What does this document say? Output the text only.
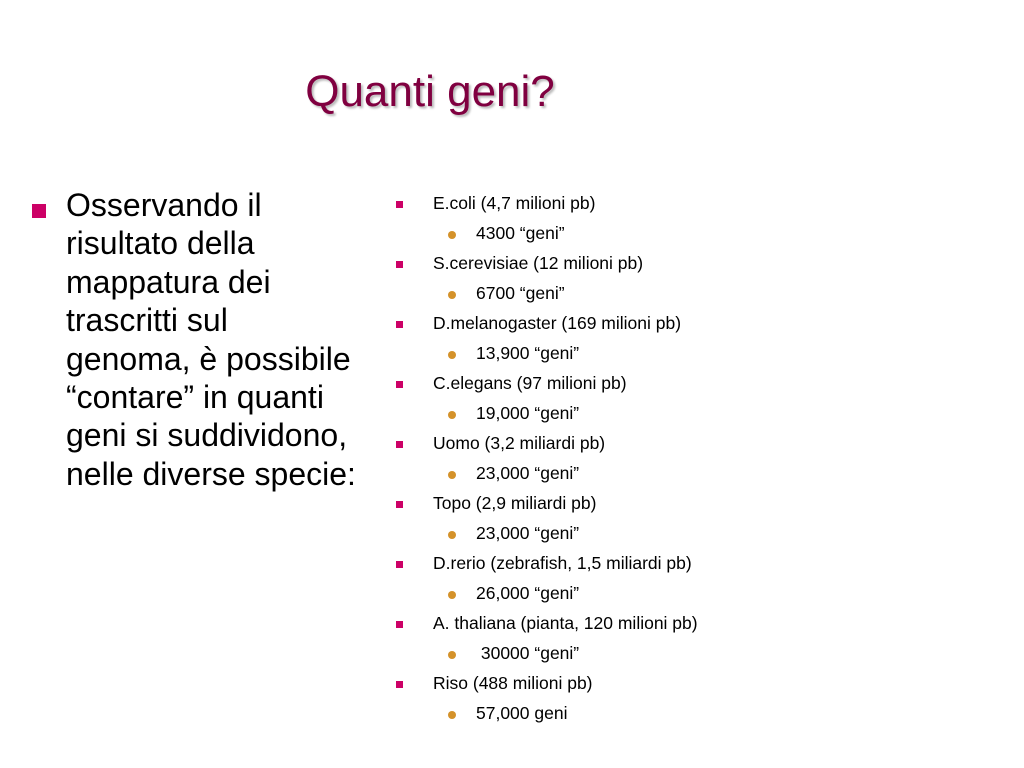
Quanti geni?
Osservando il risultato della mappatura dei trascritti sul genoma, è possibile “contare” in quanti geni si suddividono, nelle diverse specie:
E.coli (4,7 milioni pb)
4300 “geni”
S.cerevisiae (12 milioni pb)
6700 “geni”
D.melanogaster (169 milioni pb)
13,900 “geni”
C.elegans (97 milioni pb)
19,000 “geni”
Uomo (3,2 miliardi pb)
23,000 “geni”
Topo (2,9 miliardi pb)
23,000 “geni”
D.rerio (zebrafish, 1,5 miliardi pb)
26,000 “geni”
A. thaliana (pianta, 120 milioni pb)
30000 “geni”
Riso (488 milioni pb)
57,000 geni
